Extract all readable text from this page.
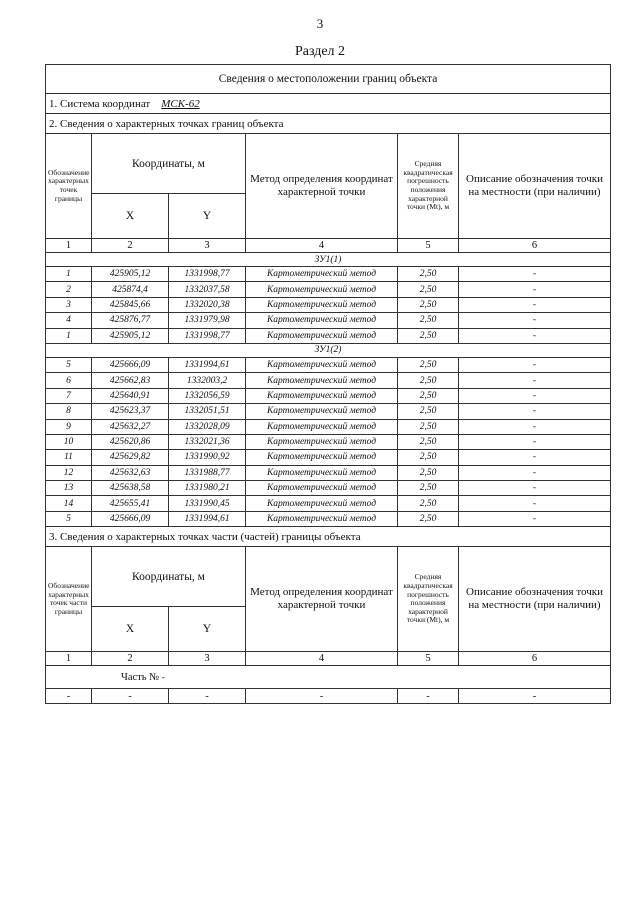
3
Раздел 2
Сведения о местоположении границ объекта					
1. Система координат МСК-62					
2. Сведения о характерных точках границ объекта					
Обозначение характерных точек границы	Координаты, м		Метод определения координат характерной точки	Средняя квадратическая погрешность положения характерной точки (Mt), м	Описание обозначения точки на местности (при наличии)
	X	Y			
1	2	3	4	5	6
ЗУ1(1)					
1	425905,12	1331998,77	Картометрический метод	2,50	-
2	425874,4	1332037,58	Картометрический метод	2,50	-
3	425845,66	1332020,38	Картометрический метод	2,50	-
4	425876,77	1331979,98	Картометрический метод	2,50	-
1	425905,12	1331998,77	Картометрический метод	2,50	-
ЗУ1(2)					
5	425666,09	1331994,61	Картометрический метод	2,50	-
6	425662,83	1332003,2	Картометрический метод	2,50	-
7	425640,91	1332056,59	Картометрический метод	2,50	-
8	425623,37	1332051,51	Картометрический метод	2,50	-
9	425632,27	1332028,09	Картометрический метод	2,50	-
10	425620,86	1332021,36	Картометрический метод	2,50	-
11	425629,82	1331990,92	Картометрический метод	2,50	-
12	425632,63	1331988,77	Картометрический метод	2,50	-
13	425638,58	1331980,21	Картометрический метод	2,50	-
14	425655,41	1331990,45	Картометрический метод	2,50	-
5	425666,09	1331994,61	Картометрический метод	2,50	-
3. Сведения о характерных точках части (частей) границы объекта					
Обозначение характерных точек части границы	Координаты, м		Метод определения координат характерной точки	Средняя квадратическая погрешность положения характерной точки (Mt), м	Описание обозначения точки на местности (при наличии)
	X	Y			
1	2	3	4	5	6
Часть № -					
-	-	-	-	-	-
